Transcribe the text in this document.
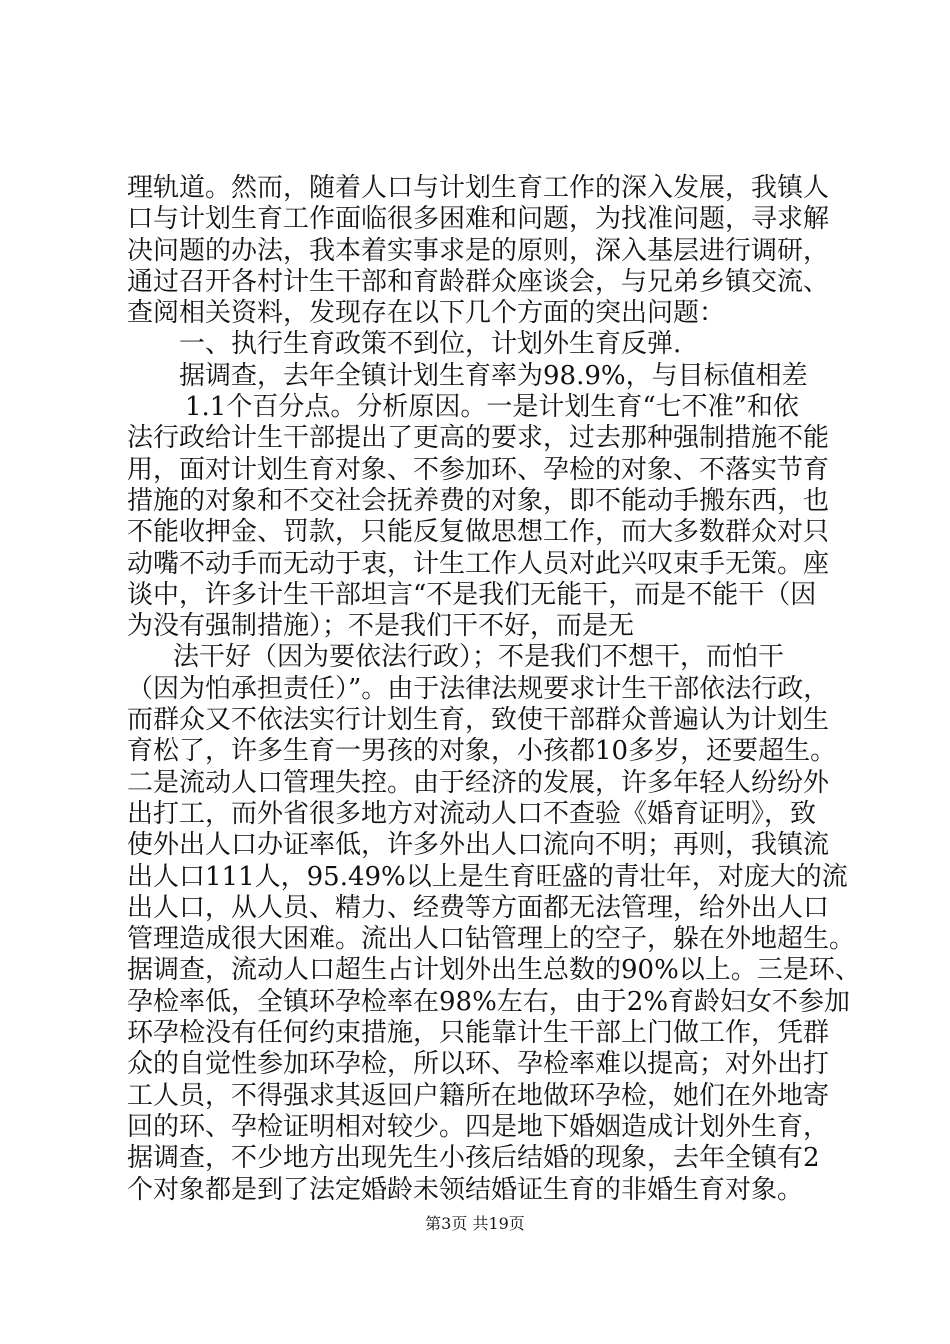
理轨道。然而，随着人口与计划生育工作的深入发展，我镇人
口与计划生育工作面临很多困难和问题，为找准问题，寻求解
决问题的办法，我本着实事求是的原则，深入基层进行调研，
通过召开各村计生干部和育龄群众座谈会，与兄弟乡镇交流、
查阅相关资料，发现存在以下几个方面的突出问题：
一、执行生育政策不到位，计划外生育反弹.
据调查，去年全镇计划生育率为98.9%，与目标值相差
1.1个百分点。分析原因。一是计划生育“七不准”和依
法行政给计生干部提出了更高的要求，过去那种强制措施不能
用，面对计划生育对象、不参加环、孕检的对象、不落实节育
措施的对象和不交社会抚养费的对象，即不能动手搬东西，也
不能收押金、罚款，只能反复做思想工作，而大多数群众对只
动嘴不动手而无动于衷，计生工作人员对此兴叹束手无策。座
谈中，许多计生干部坦言“不是我们无能干，而是不能干（因
为没有强制措施）；不是我们干不好，而是无
法干好（因为要依法行政）；不是我们不想干，而怕干
（因为怕承担责任）”。由于法律法规要求计生干部依法行政，
而群众又不依法实行计划生育，致使干部群众普遍认为计划生
育松了，许多生育一男孩的对象，小孩都10多岁，还要超生。
二是流动人口管理失控。由于经济的发展，许多年轻人纷纷外
出打工，而外省很多地方对流动人口不查验《婚育证明》，致
使外出人口办证率低，许多外出人口流向不明；再则，我镇流
出人口111人，95.49%以上是生育旺盛的青壮年，对庞大的流
出人口，从人员、精力、经费等方面都无法管理，给外出人口
管理造成很大困难。流出人口钻管理上的空子，躲在外地超生。
据调查，流动人口超生占计划外出生总数的90%以上。三是环、
孕检率低，全镇环孕检率在98%左右，由于2%育龄妇女不参加
环孕检没有任何约束措施，只能靠计生干部上门做工作，凭群
众的自觉性参加环孕检，所以环、孕检率难以提高；对外出打
工人员，不得强求其返回户籍所在地做环孕检，她们在外地寄
回的环、孕检证明相对较少。四是地下婚姻造成计划外生育，
据调查，不少地方出现先生小孩后结婚的现象，去年全镇有2
个对象都是到了法定婚龄未领结婚证生育的非婚生育对象。
第3页 共19页
